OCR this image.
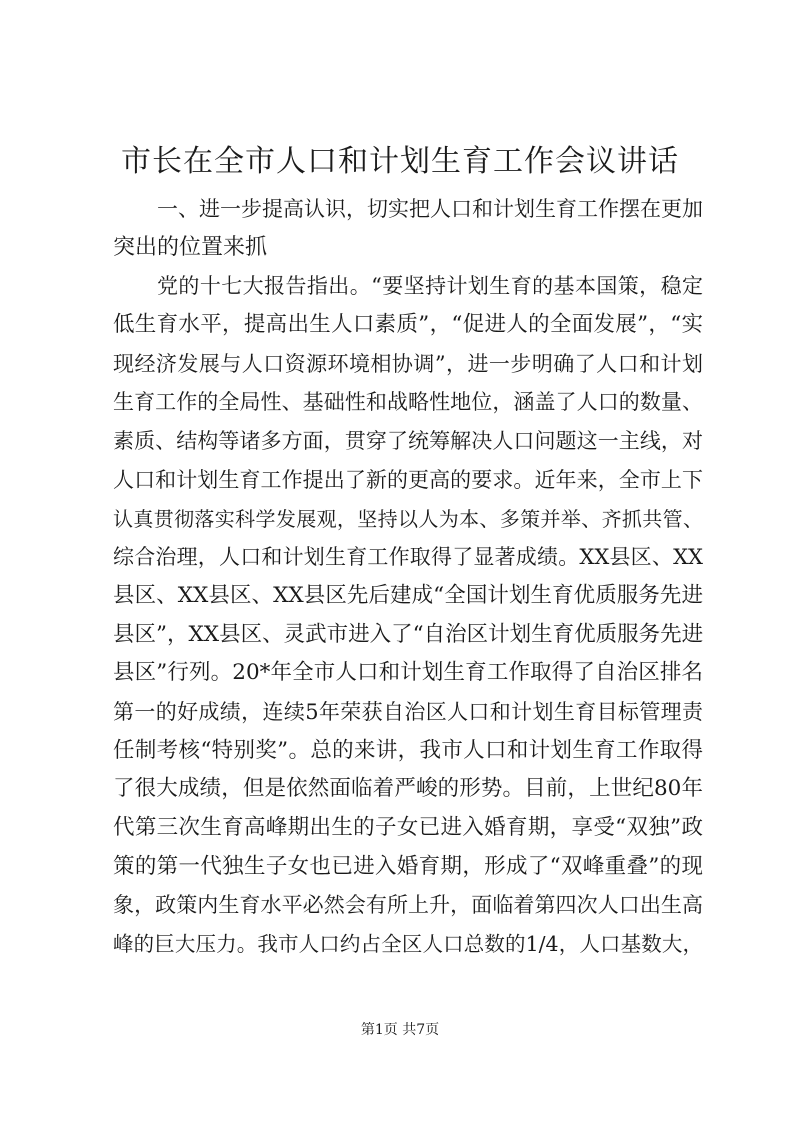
市长在全市人口和计划生育工作会议讲话
一、进一步提高认识，切实把人口和计划生育工作摆在更加
突出的位置来抓
党的十七大报告指出。“要坚持计划生育的基本国策，稳定
低生育水平，提高出生人口素质”，“促进人的全面发展”，“实
现经济发展与人口资源环境相协调”，进一步明确了人口和计划
生育工作的全局性、基础性和战略性地位，涵盖了人口的数量、
素质、结构等诸多方面，贯穿了统筹解决人口问题这一主线，对
人口和计划生育工作提出了新的更高的要求。近年来，全市上下
认真贯彻落实科学发展观，坚持以人为本、多策并举、齐抓共管、
综合治理，人口和计划生育工作取得了显著成绩。XX县区、XX
县区、XX县区、XX县区先后建成“全国计划生育优质服务先进
县区”，XX县区、灵武市进入了“自治区计划生育优质服务先进
县区”行列。20*年全市人口和计划生育工作取得了自治区排名
第一的好成绩，连续5年荣获自治区人口和计划生育目标管理责
任制考核“特别奖”。总的来讲，我市人口和计划生育工作取得
了很大成绩，但是依然面临着严峻的形势。目前，上世纪80年
代第三次生育高峰期出生的子女已进入婚育期，享受“双独”政
策的第一代独生子女也已进入婚育期，形成了“双峰重叠”的现
象，政策内生育水平必然会有所上升，面临着第四次人口出生高
峰的巨大压力。我市人口约占全区人口总数的1/4，人口基数大，
第1页 共7页
